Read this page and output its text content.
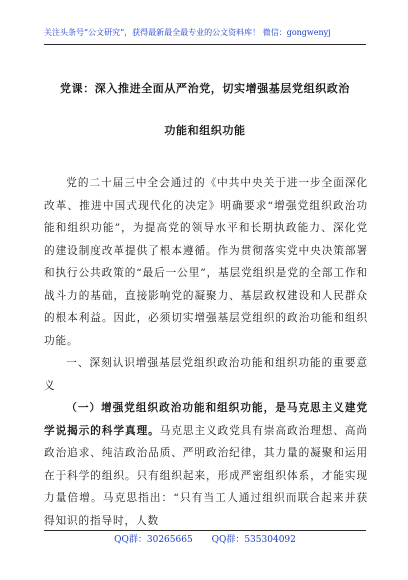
关注头条号“公文研究”，获得最新最全最专业的公文资料库！ 微信：gongwenyj
党课：深入推进全面从严治党，切实增强基层党组织政治
功能和组织功能

党的二十届三中全会通过的《中共中央关于进一步全面深化改革、推进中国式现代化的决定》明确要求“增强党组织政治功能和组织功能”，为提高党的领导水平和长期执政能力、深化党的建设制度改革提供了根本遵循。作为贯彻落实党中央决策部署和执行公共政策的“最后一公里”，基层党组织是党的全部工作和战斗力的基础，直接影响党的凝聚力、基层政权建设和人民群众的根本利益。因此，必须切实增强基层党组织的政治功能和组织功能。

一、深刻认识增强基层党组织政治功能和组织功能的重要意义

（一）增强党组织政治功能和组织功能，是马克思主义建党学说揭示的科学真理。马克思主义政党具有崇高政治理想、高尚政治追求、纯洁政治品质、严明政治纪律，其力量的凝聚和运用在于科学的组织。只有组织起来，形成严密组织体系，才能实现力量倍增。马克思指出：“只有当工人通过组织而联合起来并获得知识的指导时，人数

QQ群：30265665 QQ群：535304092
